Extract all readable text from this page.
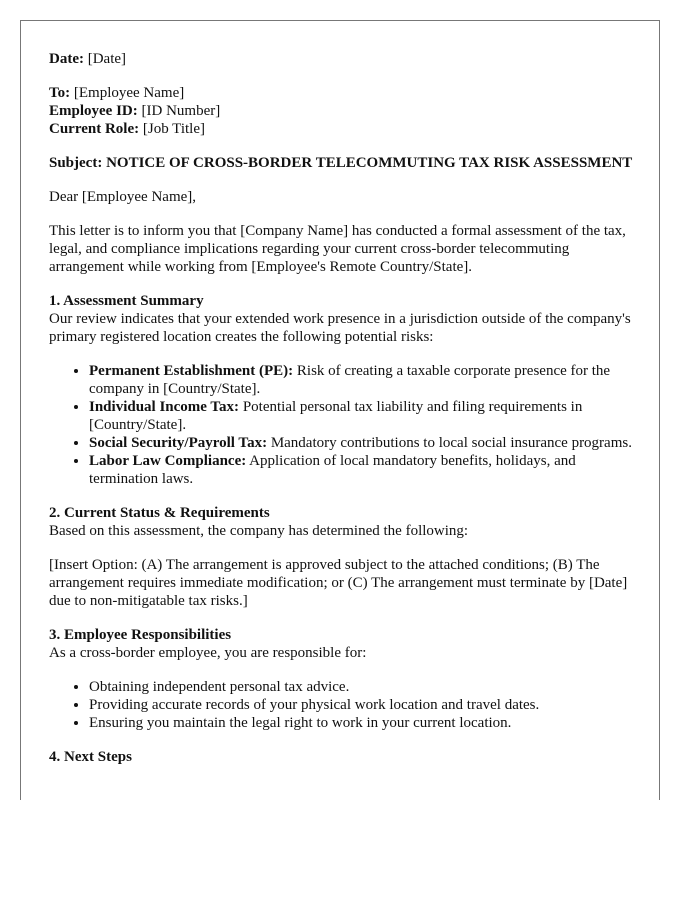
Date: [Date]

To: [Employee Name]

Employee ID: [ID Number]

Current Role: [Job Title]

Subject: NOTICE OF CROSS-BORDER TELECOMMUTING TAX RISK ASSESSMENT

Dear [Employee Name],

This letter is to inform you that [Company Name] has conducted a formal assessment of the tax, legal, and compliance implications regarding your current cross-border telecommuting arrangement while working from [Employee's Remote Country/State].

1. Assessment Summary

Our review indicates that your extended work presence in a jurisdiction outside of the company's primary registered location creates the following potential risks:

• Permanent Establishment (PE): Risk of creating a taxable corporate presence for the company in [Country/State].
• Individual Income Tax: Potential personal tax liability and filing requirements in [Country/State].
• Social Security/Payroll Tax: Mandatory contributions to local social insurance programs.
• Labor Law Compliance: Application of local mandatory benefits, holidays, and termination laws.

2. Current Status & Requirements

Based on this assessment, the company has determined the following:

[Insert Option: (A) The arrangement is approved subject to the attached conditions; (B) The arrangement requires immediate modification; or (C) The arrangement must terminate by [Date] due to non-mitigatable tax risks.]

3. Employee Responsibilities

As a cross-border employee, you are responsible for:

• Obtaining independent personal tax advice.
• Providing accurate records of your physical work location and travel dates.
• Ensuring you maintain the legal right to work in your current location.

4. Next Steps
